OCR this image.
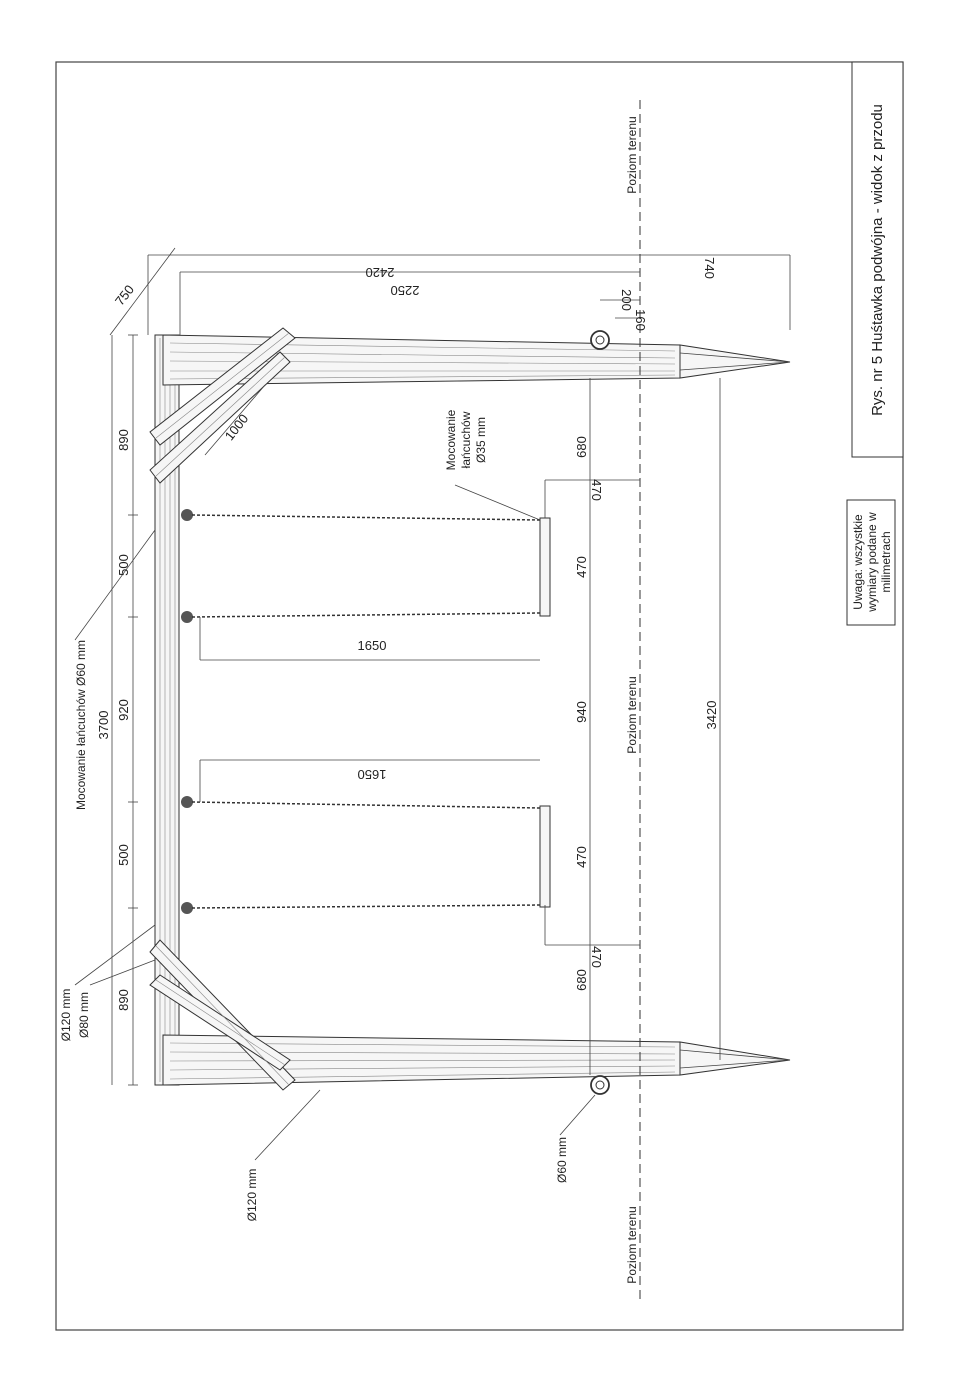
3700
890
500
920
500
890
750
1000
2420
2250	200
160
740
1650
1650
680
470
470
940
470
470
680
3420
Mocowanie łańcuchów Ø60 mm
Ø120 mm Ø80 mm
Ø120 mm
Ø60 mm
Poziom terenu
Poziom terenu
Poziom terenu
Mocowanie łańcuchów Ø35 mm
Uwaga: wszystkie wymiary podane w milimetrach
Rys. nr 5 Huśtawka podwójna - widok z przodu
